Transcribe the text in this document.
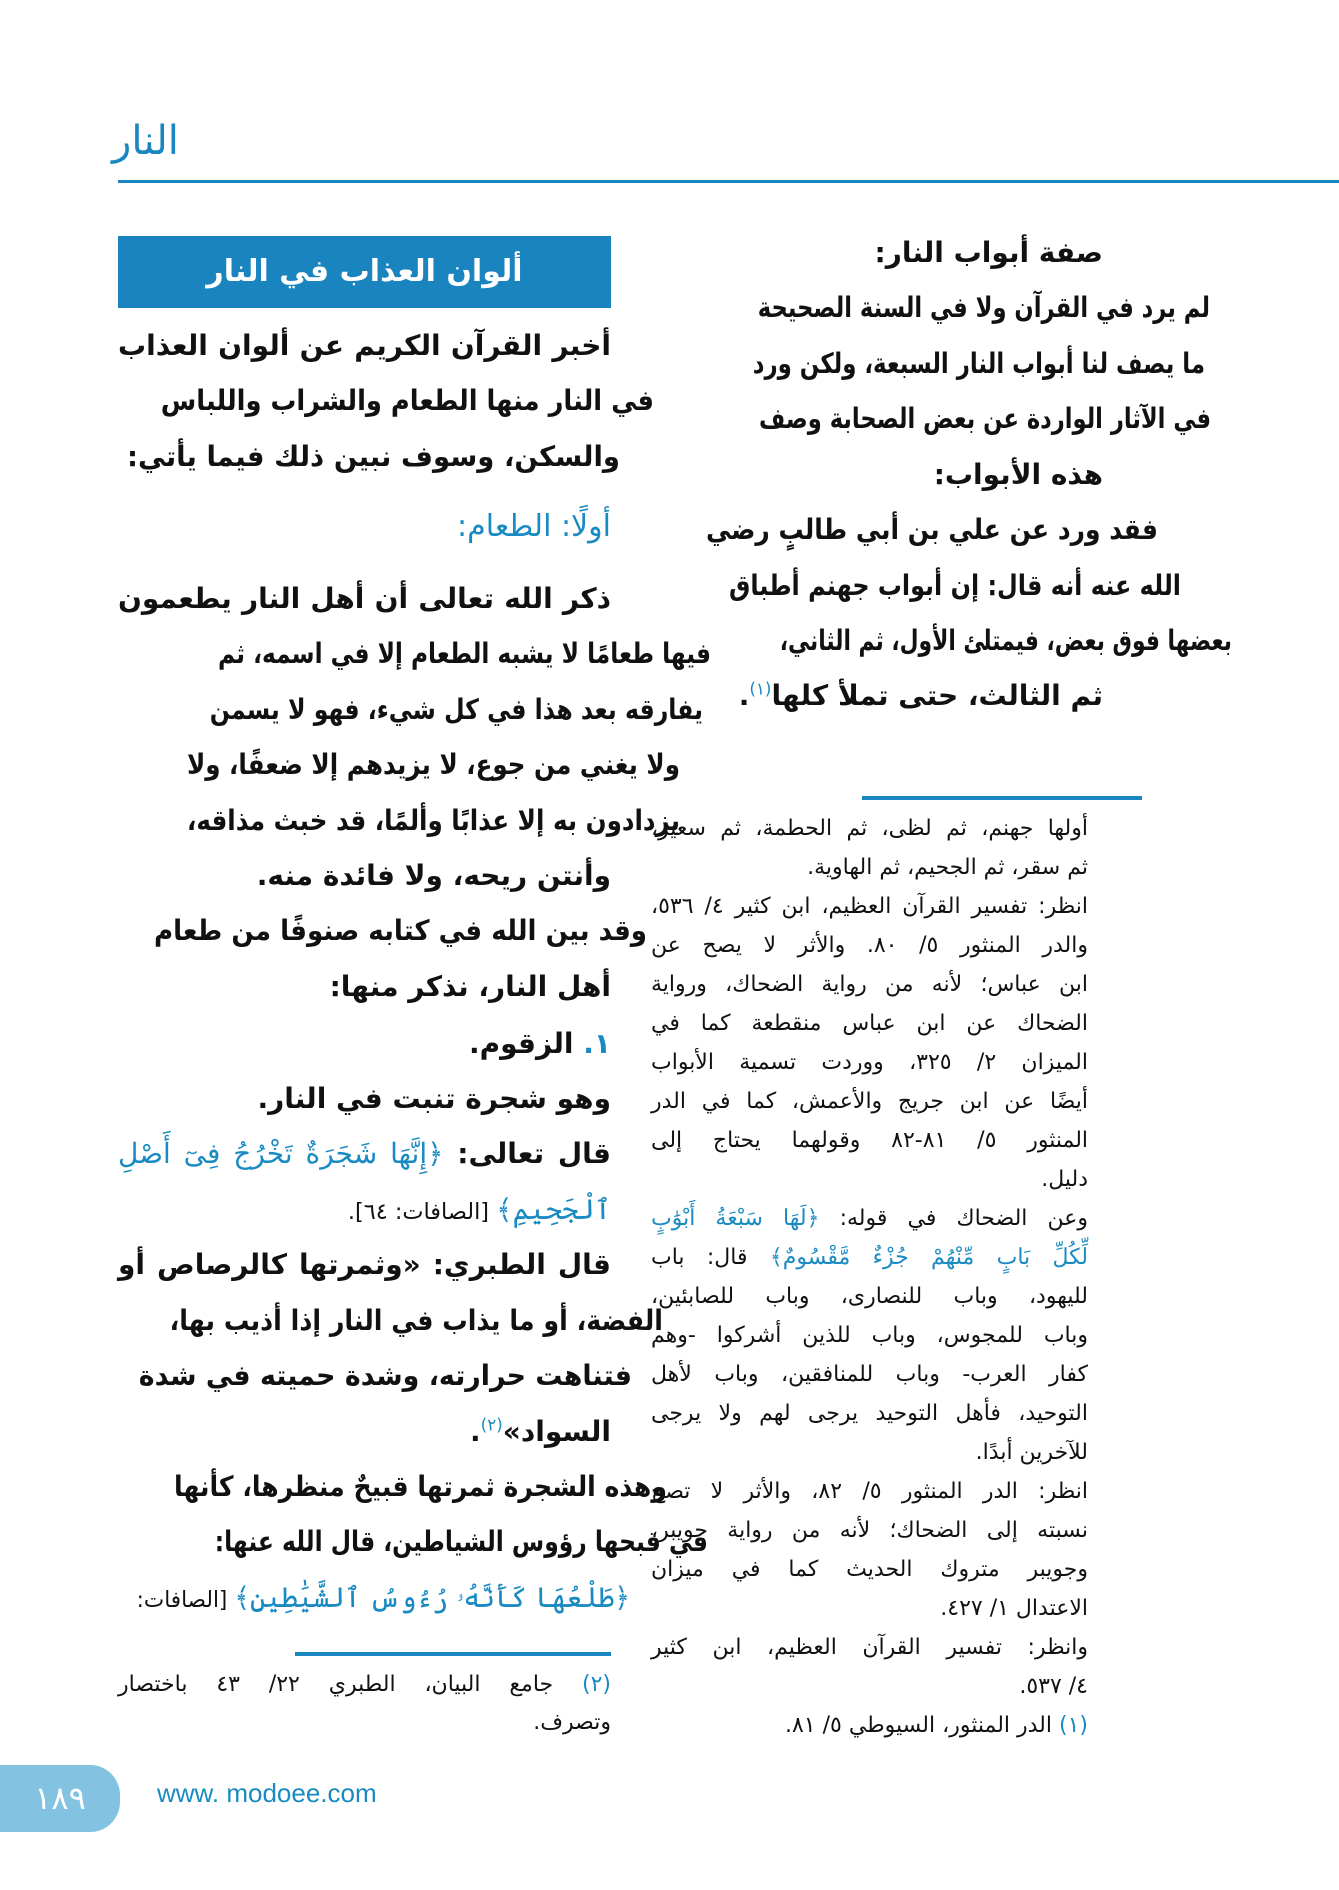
النار
ألوان العذاب في النار
١٨٩	www. modoee.com
صفة أبواب النار:
لم يرد في القرآن ولا في السنة الصحيحة
ما يصف لنا أبواب النار السبعة، ولكن ورد
في الآثار الواردة عن بعض الصحابة وصف
هذه الأبواب:
فقد ورد عن علي بن أبي طالبٍ رضي
الله عنه أنه قال: إن أبواب جهنم أطباق
بعضها فوق بعض، فيمتلئ الأول، ثم الثاني،
ثم الثالث، حتى تملأ كلها$^{(١)}$.
أولها جهنم، ثم لظى، ثم الحطمة، ثم سعير،
ثم سقر، ثم الجحيم، ثم الهاوية.
انظر: تفسير القرآن العظيم، ابن كثير ٤/ ٥٣٦،
والدر المنثور ٥/ ٨٠. والأثر لا يصح عن
ابن عباس؛ لأنه من رواية الضحاك، ورواية
الضحاك عن ابن عباس منقطعة كما في
الميزان ٢/ ٣٢٥، ووردت تسمية الأبواب
أيضًا عن ابن جريج والأعمش، كما في الدر
المنثور ٥/ ٨١-٨٢ وقولهما يحتاج إلى
دليل.
وعن الضحاك في قوله: ﴿لَهَا سَبْعَةُ أَبْوَٰبٍ
لِّكُلِّ بَابٍ مِّنْهُمْ جُزْءٌ مَّقْسُومٌ﴾ قال: باب
لليهود، وباب للنصارى، وباب للصابئين،
وباب للمجوس، وباب للذين أشركوا -وهم
كفار العرب- وباب للمنافقين، وباب لأهل
التوحيد، فأهل التوحيد يرجى لهم ولا يرجى
للآخرين أبدًا.
انظر: الدر المنثور ٥/ ٨٢، والأثر لا تصح
نسبته إلى الضحاك؛ لأنه من رواية جويبر،
وجويبر متروك الحديث كما في ميزان
الاعتدال ١/ ٤٢٧.
وانظر: تفسير القرآن العظيم، ابن كثير
٤/ ٥٣٧.
(١) الدر المنثور، السيوطي ٥/ ٨١.
أخبر القرآن الكريم عن ألوان العذاب
في النار منها الطعام والشراب واللباس
والسكن، وسوف نبين ذلك فيما يأتي:
أولًا: الطعام:
ذكر الله تعالى أن أهل النار يطعمون
فيها طعامًا لا يشبه الطعام إلا في اسمه، ثم
يفارقه بعد هذا في كل شيء، فهو لا يسمن
ولا يغني من جوع، لا يزيدهم إلا ضعفًا، ولا
يزدادون به إلا عذابًا وألمًا، قد خبث مذاقه،
وأنتن ريحه، ولا فائدة منه.
وقد بين الله في كتابه صنوفًا من طعام
أهل النار، نذكر منها:
١. الزقوم.
وهو شجرة تنبت في النار.
قال تعالى: ﴿إِنَّهَا شَجَرَةٌ تَخْرُجُ فِىٓ أَصْلِ
ٱلْجَحِيمِ﴾ [الصافات: ٦٤].
قال الطبري: «وثمرتها كالرصاص أو
الفضة، أو ما يذاب في النار إذا أذيب بها،
فتناهت حرارته، وشدة حميته في شدة
السواد»$^{(٢)}$.
وهذه الشجرة ثمرتها قبيحٌ منظرها، كأنها
في قبحها رؤوس الشياطين، قال الله عنها:
﴿طَلْعُهَا كَأَنَّهُۥ رُءُوسُ ٱلشَّيَٰطِينِ﴾ [الصافات:
(٢) جامع البيان، الطبري ٢٢/ ٤٣ باختصار
وتصرف.
